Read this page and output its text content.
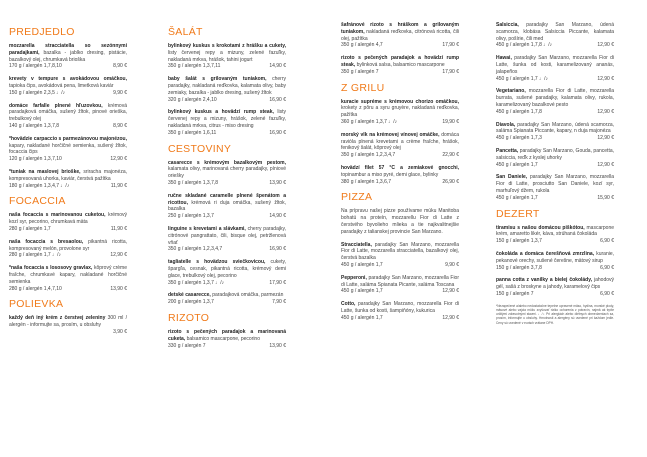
PREDJEDLO
mozzarella stracciatella so sezónnymi paradajkami, bazalka - jablko dresing, pistácie, bazalkový olej, chrumkavá brioška
170 g / alergén 1,7,8,10	8,90 €
krevety v tempure s avokádovou omáčkou, tapioka čips, avokádová pena, limetková kaviár
150 g / alergén 2,3,5 ♩/♪	9,90 €
domáce farfalle plnené hľuzovkou, krémová paradajková omáčka, sušený žltok, pinové orieška, trebulkový olej
140 g / alergén 1,3,7,8	8,90 €
*hovädzie carpaccio s parmezánovou majonézou, kapary, nakladané horčičné semienka, sušený žltok, focaccia čips
120 g / alergén 1,3,7,10	12,90 €
*tuniak na maslovej brioške, sriracha majonéza, kompresovaná uhorka, kaviár, čerstvá pažítka
180 g / alergén 1,3,4,7 ♩/♪	11,90 €
FOCACCIA
naša focaccia s marinovanou cuketou, krémový kozí syr, pecorino, chrumkavá mäta
280 g / alergén 1,7	11,90 €
naša focaccia s bresaolou, pikantná ricotta, kompresovaný melón, provolone syr
280 g / alergén 1,7 ♩/♪	12,90 €
*naša focaccia s lososovy gravlax, kôprový crème fraîche, chrumkavé kapary, nakladané horčičné semienka
280 g / alergén 1,4,7,10	13,90 €
POLIEVKA
každý deň iný krém z čerstvej zeleniny 300 ml / alergén - informujte sa, prosím, u obsluhy
3,90 €
ŠALÁT
bylinkový kuskus s krokotami z hrášku a cukety, listy červenej repy a mizuny, zelené fazuľky, nakladaná mrkva, hrášok, tahini jogurt
350 g / alergén 1,3,7,11	14,90 €
baby šalát s grilovaným tuniakom, cherry paradajky, nakladaná reďkovka, kalamata olivy, baby zemiaky, bazalka - jablko dresing, sušený žltok
320 g / alergén 2,4,10	16,90 €
bylinkový kuskus a hovädzí rump steak, listy červenej repy a mizuny, hrášok, zelené fazuľky, nakladaná mrkva, citrus - miso dresing
350 g / alergén 1,6,11	16,90 €
CESTOVINY
casarecce s krémovým bazalkovým pestom, kalamata olivy, marinovaná cherry paradajky, píniové oriešky
350 g / alergén 1,3,7,8	13,90 €
ručne skladané caramelle plnené špenátom a ricottou, krémová ri duja omáčka, sušený žltok, bazalka
250 g / alergén 1,3,7	14,90 €
linguine s krevetami a slávkami, cherry paradajky, citrónové pangrattato, čili, bisque olej, petržlenová vňať
350 g / alergén 1,2,3,4,7	16,90 €
tagliatelle s hovädzou sviečkovicou, cukety, špargľa, cesnak, pikantná ricotta, krémový demi glace, trebulkový olej, pecorino
350 g / alergén 1,3,7 ♩/♪	17,90 €
detské casarecce, paradajková omáčka, parmezán
200 g / alergén 1,3,7	7,90 €
RIZOTO
rizoto s pečených paradajok a marinovaná cuketa, balsamico mascarpone, pecorino
330 g / alergén 7	13,90 €
šafránové rizoto s hráškom a grilovaným tuniakom, nakladaná reďkovka, citrónová ricotta, čili olej, pažítka
350 g / alergén 4,7	17,90 €
rizoto s pečených paradajok a hovädzí rump steak, bylinková salsa, balsamico mascarpone
350 g / alergén 7	17,90 €
Z GRILU
kuracie supréme s krémovou chorizo omáčkou, krokety z pôru a syru gruyère, nakladaná reďkovka, pažítka
360 g / alergén 1,3,7 ♩/♪	19,90 €
morský vlk na krémovej vínovej omáčke, domáca ravióla plnená krevetami a crème fraîche, hrášok, fenikový šalát, kôprový olej
350 g / alergén 1,2,3,4,7	22,90 €
hovädzí filet 57 °C a zemiakové gnocchi, topinambur a miso pyré, demi glace, bylinky
380 g / alergén 1,3,6,7	26,90 €
PIZZA
Na prípravu našej pizze používame múku Manitoba bohatú na proteín, mozzarellu Fior di Latte z čerstvého byvolieho mlieka a tie najkvalitnejšie paradajky z talianskej provincie San Marzano.
Stracciatella, paradajky San Marzano, mozzarella Fior di Latte, mozzarella stracciatella, bazalkový olej, čerstvá bazalka
450 g / alergén 1,7	9,90 €
Pepperoni, paradajky San Marzano, mozzarella Fior di Latte, salámа Spianata Picante, saláma Toscana
450 g / alergén 1,7	12,90 €
Cotto, paradajky San Marzano, mozzarella Fior di Latte, šunka od kosti, šampiňóny, kukurica
450 g / alergén 1,7	12,90 €
Salsiccia, paradajky San Marzano, údená scamorza, klobása Salsiccia Piccante, kalamata olivy, pošírie, čili med
450 g / alergén 1,7,8 ♩/♪	12,90 €
Hawai, paradajky San Marzano, mozzarella Fior di Latte, šunka od kosti, karamelizovaný ananás, jalapeños
450 g / alergén 1,7 ♩/♪	12,90 €
Vegetariano, mozzarella Fior di Latte, mozzarella burrata, sušené paradajky, kalamata olivy, rukola, karamelizovaný bazalkové pesto
450 g / alergén 1,7,8	12,90 €
Diavola, paradajky San Marzano, údená scamorza, saláma Spianata Piccante, kapary, n duja majonéza
450 g / alergén 1,7,3	12,90 €
Pancetta, paradajky San Marzano, Gouda, pancetta, salsiccia, reďk z kyslej uhorky
450 g / alergén 1,7	12,90 €
San Daniele, paradajky San Marzano, mozzarella Fior di Latte, prosciutto San Daniele, kozí syr, marhuľový džem, rukola
450 g / alergén 1,7	15,90 €
DEZERT
tiramisu s našou domácou piškótou, mascarpone krém, amaretto likér, káva, strúhaná čokoláda
150 g / alergén 1,3,7	6,90 €
čokoláda a domáca čerešňová zmrzlina, kuranie, pekanové orechy, sušené čerešne, mätový sirup
150 g / alergén 3,7,8	6,90 €
panna cotta z vanilky a bielej čokolády, jahodový gél, sašá z broskyne a jahody, karamelový čips
150 g / alergén 7	6,90 €
*Nezapečené a/alebo nedostatočne tepelne upravené mäso, hydina, morské plody, mäsové alebo vajcia môžu zvyšovať riziko ochorenia z potravín, najmä ak trpíte určitými zdravotnými stavmi. ♩/♪ Pri alergiách alebo diétnych obmedzeniach sa, prosím, informujte u obsluhy. Hmotnosti a alergény sú uvedené pri každom jedle. Ceny sú uvedené v eurách vrátane DPH.
